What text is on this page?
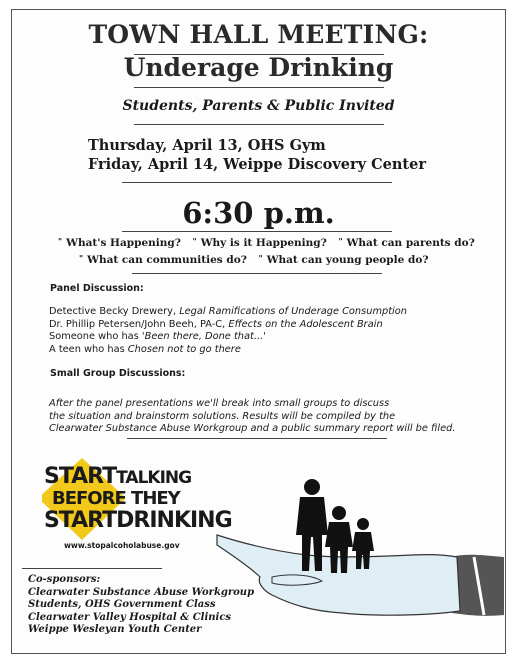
TOWN HALL MEETING:
Underage Drinking
Students, Parents & Public Invited
Thursday, April 13, OHS Gym
Friday, April 14, Weippe Discovery Center
6:30 p.m.
" What's Happening? " Why is it Happening? " What can parents do?
" What can communities do? " What can young people do?
Panel Discussion:
Detective Becky Drewery, Legal Ramifications of Underage Consumption
Dr. Phillip Petersen/John Beeh, PA-C, Effects on the Adolescent Brain
Someone who has 'Been there, Done that...'
A teen who has Chosen not to go there
Small Group Discussions:
After the panel presentations we'll break into small groups to discuss
the situation and brainstorm solutions. Results will be compiled by the
Clearwater Substance Abuse Workgroup and a public summary report will be filed.
STARTTALKING
BEFORE THEY
STARTDRINKING
www.stopalcoholabuse.gov
Co-sponsors:
Clearwater Substance Abuse Workgroup
Students, OHS Government Class
Clearwater Valley Hospital & Clinics
Weippe Wesleyan Youth Center
